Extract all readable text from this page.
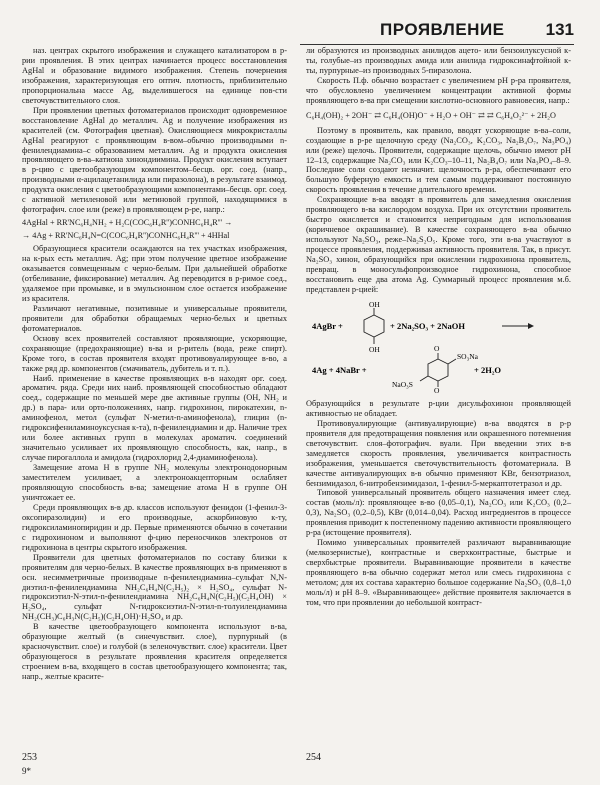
ПРОЯВЛЕНИЕ 131

наз. центрах скрытого изображения и служащего катализатором в р-рии проявления. В этих центрах начинается процесс восстановления AgHal и образование видимого изображения. Степень почернения изображения, характеризующая его оптич. плотность, приблизительно пропорциональна массе Ag, выделившегося на единице пов-сти светочувствительного слоя.

При проявлении цветных фотоматериалов происходит одновременное восстановление AgHal до металлич. Ag и получение изображения из красителей (см. Фотография цветная). Окисляющиеся микрокристаллы AgHal реагируют с проявляющим в-вом–обычно производными n-фенилендиамина–с образованием металлич. Ag и продукта окисления проявляющего в-ва–катиона хинондиимина. Продукт окисления вступает в р-цию с цветообразующим компонентом–бесцв. орг. соед. (напр., производными α-ацилацетанилида или пиразолона), в результате взаимод. продукта окисления с цветообразующими компонентами–бесцв. орг. соед. с активной метиленовой или метиновой группой, находящимися в фотографич. слое или (реже) в проявляющем р-ре, напр.:

4AgHal + RR'NC₆H₄NH₂ + H₂C(COC₆H₄R'')CONHC₆H₄R''' →

→ 4Ag + RR'NC₆H₄N=C(COC₆H₄R'')CONHC₆H₄R''' + 4HHal

Образующиеся красители осаждаются на тех участках изображения, на к-рых есть металлич. Ag; при этом получение цветное изображение оказывается совмещенным с черно-белым. При дальнейшей обработке (отбеливание, фиксирование) металлич. Ag переводится в р-римое соед., удаляемое при промывке, и в эмульсионном слое остается изображение из красителя.

Различают негативные, позитивные и универсальные проявители, проявители для обработки обращаемых черно-белых и цветных фотоматериалов.

Основу всех проявителей составляют проявляющие, ускоряющие, сохраняющие (предохраняющие) в-ва и р-ритель (вода, реже спирт). Кроме того, в состав проявителя входят противовуалирующее в-во, а также ряд др. компонентов (смачиватель, дубитель и т. п.).

Наиб. применение в качестве проявляющих в-в находят орг. соед. ароматич. ряда. Среди них наиб. проявляющей способностью обладают соед., содержащие по меньшей мере две активные группы (ОН, NH₂ и др.) в пара- или орто-положениях, напр. гидрохинон, пирокатехин, n-аминофенол, метол (сульфат N-метил-n-аминофенола), глицин (n-гидроксифениламиноуксусная к-та), n-фенилендиамин и др. Наличие трех или более активных групп в молекулах ароматич. соединений значительно усиливает их проявляющую способность, как, напр., в случае пирогаллола и амидола (гидрохлорид 2,4-диаминофенола).

Замещение атома Н в группе NH₂ молекулы электронодонорным заместителем усиливает, а электроноакцепторным ослабляет проявляющую способность в-ва; замещение атома Н в группе ОН уничтожает ее.

Среди проявляющих в-в др. классов используют фенидон (1-фенил-3-оксопиразолидин) и его производные, аскорбиновую к-ту, гидроксиламинопиридин и др. Первые применяются обычно в сочетании с гидрохиноном и выполняют ф-цию переносчиков электронов от гидрохинона в центры скрытого изображения.

Проявители для цветных фотоматериалов по составу близки к проявителям для черно-белых. В качестве проявляющих в-в применяют в осн. несимметричные производные n-фенилендиамина–сульфат N,N-диэтил-n-фенилендиамина NH₂C₆H₄N(C₂H₅)₂ × H₂SO₄, сульфат N-гидроксиэтил-N-этил-n-фенилендиамина NH₂C₆H₄N(C₂H₅)(C₂H₄OH) × H₂SO₄, сульфат N-гидроксиэтил-N-этил-n-толуилендиамина NH₂(CH₃)C₆H₃N(C₂H₅)(C₂H₄OH)·H₂SO₄ и др.

В качестве цветообразующего компонента используют в-ва, образующие желтый (в синечувствит. слое), пурпурный (в красночувствит. слое) и голубой (в зеленочувствит. слое) красители. Цвет образующегося в результате проявления красителя определяется строением в-ва, входящего в состав цветообразующего компонента; так, напр., желтые красите-

ли образуются из производных анилидов ацето- или бензоилуксусной к-ты, голубые–из производных амида или анилида гидроксинафтойной к-ты, пурпурные–из производных 5-пиразолона.

Скорость П.ф. обычно возрастает с увеличением pH р-ра проявителя, что обусловлено увеличением концентрации активной формы проявляющего в-ва при смещении кислотно-основного равновесия, напр.:

C₆H₄(OH)₂ + 2OH⁻ ⇄ C₆H₄(OH)O⁻ + H₂O + OH⁻ ⇄ ⇄ C₆H₄O₂²⁻ + 2H₂O

Поэтому в проявитель, как правило, вводят ускоряющие в-ва–соли, создающие в р-ре щелочную среду (Na₂CO₃, K₂CO₃, Na₂B₄O₇, Na₃PO₄) или (реже) щелочь. Проявители, содержащие щелочь, обычно имеют pH 12–13, содержащие Na₂CO₃ или K₂CO₃–10–11, Na₂B₄O₇ или Na₃PO₄–8–9. Последние соли создают незначит. щелочность р-ра, обеспечивают его большую буферную емкость и тем самым поддерживают постоянную скорость проявления в течение длительного времени.

Сохраняющие в-ва вводят в проявитель для замедления окисления проявляющего в-ва кислородом воздуха. При их отсутствии проявитель быстро окисляется и становится непригодным для использования (коричневое окрашивание). В качестве сохраняющего в-ва обычно используют Na₂SO₃, реже–Na₂S₂O₅. Кроме того, эти в-ва участвуют в процессе проявления, поддерживая активность проявителя. Так, в присут. Na₂SO₃ хинон, образующийся при окислении гидрохинона проявитель, превращ. в моносульфопроизводное гидрохинона, способное восстановить еще два атома Ag. Суммарный процесс проявления м.б. представлен р-цией:

4AgBr +
OH
OH
+ 2Na₂SO₃ + 2NaOH
4Ag + 4NaBr +
O
O
SO₃Na
NaO₃S
+ 2H₂O

Образующийся в результате р-ции дисульфохинон проявляющей активностью не обладает.

Противовуалирующие (антивуалирующие) в-ва вводятся в р-р проявителя для предотвращения появления или окрашенного потемнения светочувствит. слоя–фотографич. вуали. При введении этих в-в замедляется скорость проявления, увеличивается контрастность изображения, уменьшается светочувствительность фотоматериала. В качестве антивуалирующих в-в обычно применяют KBr, бензотриазол, бензимидазол, 6-нитробензимидазол, 1-фенил-5-меркаптотетразол и др.

Типовой универсальный проявитель общего назначения имеет след. состав (моль/л): проявляющее в-во (0,05–0,1), Na₂CO₃ или K₂CO₃ (0,2–0,3), Na₂SO₃ (0,2–0,5), KBr (0,014–0,04). Расход ингредиентов в процессе проявления приводит к постепенному падению активности проявляющего р-ра (истощение проявителя).

Помимо универсальных проявителей различают выравнивающие (мелкозернистые), контрастные и сверхконтрастные, быстрые и сверхбыстрые проявители. Выравнивающие проявители в качестве проявляющего в-ва обычно содержат метол или смесь гидрохинона с метолом; для их состава характерно большое содержание Na₂SO₃ (0,8–1,0 моль/л) и pH 8–9. «Выравнивающее» действие проявителя заключается в том, что при проявлении до небольшой контраст-

253
9*
254
